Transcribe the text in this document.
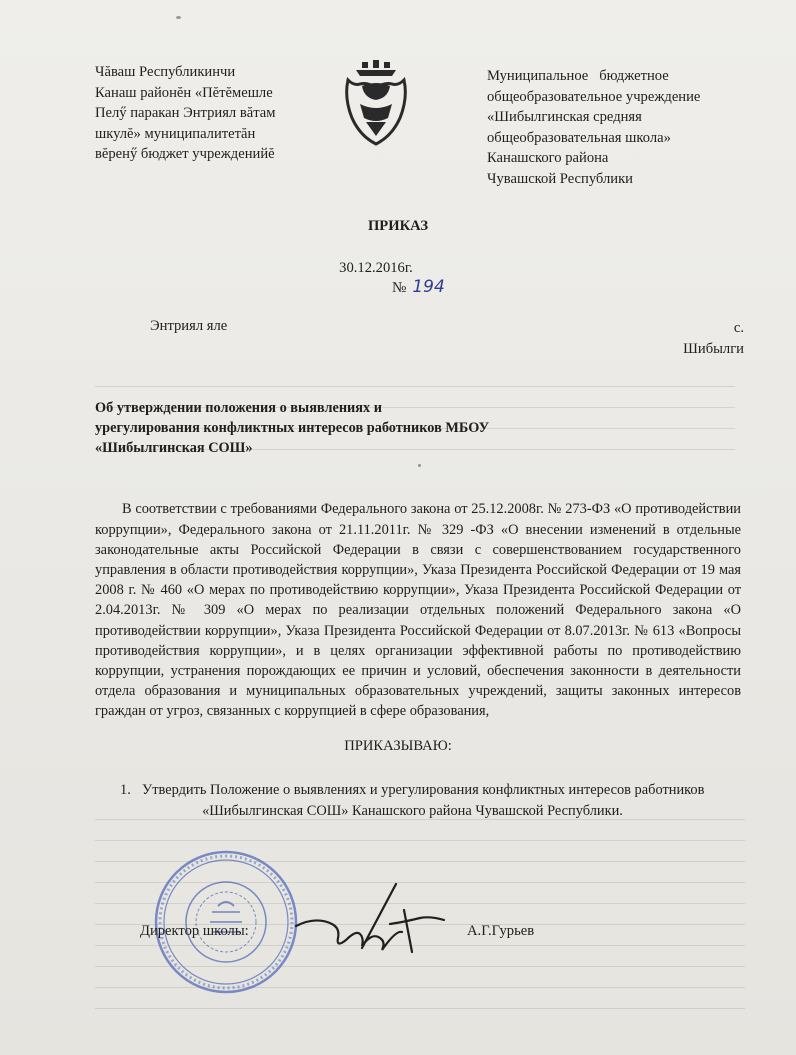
Чăваш Республикинчи
Канаш районĕн «Пĕтĕмешле
Пелӳ паракан Энтриял вăтам
шкулĕ» муниципалитетăн
вĕренӳ бюджет учрежденийĕ
Муниципальное   бюджетное
общеобразовательное учреждение
«Шибылгинская средняя
общеобразовательная школа»
Канашского района
Чувашской Республики
ПРИКАЗ
30.12.2016г.
№ 194
Энтриял яле	с.
Шибылги
Об утверждении положения о выявлениях и
урегулирования конфликтных интересов работников МБОУ
«Шибылгинская СОШ»

В соответствии с требованиями Федерального закона от 25.12.2008г. № 273-ФЗ «О противодействии коррупции», Федерального закона от 21.11.2011г. № 329 -ФЗ «О внесении изменений в отдельные законодательные акты Российской Федерации в связи с совершенствованием государственного управления в области противодействия коррупции», Указа Президента Российской Федерации от 19 мая 2008 г. № 460 «О мерах по противодействию коррупции», Указа Президента Российской Федерации от 2.04.2013г. № 309 «О мерах по реализации отдельных положений Федерального закона «О противодействии коррупции», Указа Президента Российской Федерации от 8.07.2013г. № 613 «Вопросы противодействия коррупции», и в целях организации эффективной работы по противодействию коррупции, устранения порождающих ее причин и условий, обеспечения законности в деятельности отдела образования и муниципальных образовательных учреждений, защиты законных интересов граждан от угроз, связанных с коррупцией в сфере образования,

ПРИКАЗЫВАЮ:
1. Утвердить Положение о выявлениях и урегулирования конфликтных интересов работников
«Шибылгинская СОШ» Канашского района Чувашской Республики.
Директор школы:	А.Г.Гурьев
